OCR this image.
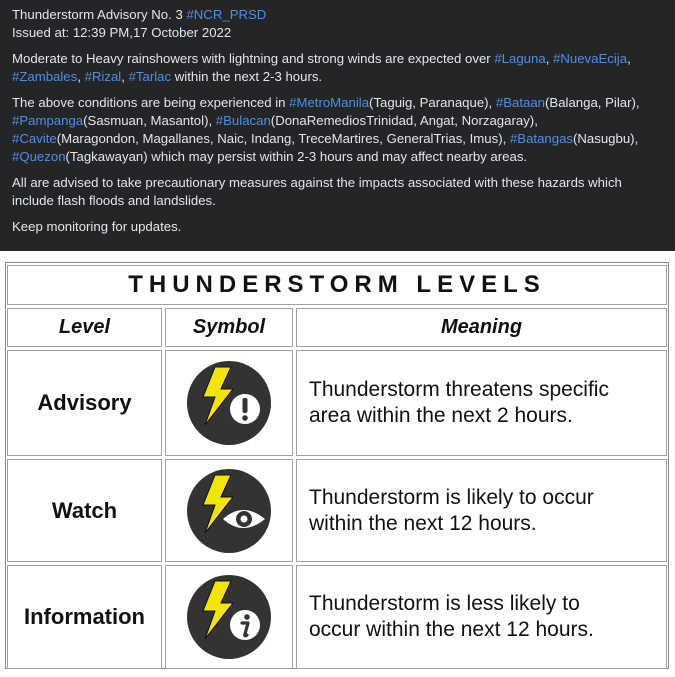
Thunderstorm Advisory No. 3 #NCR_PRSD
Issued at: 12:39 PM,17 October 2022

Moderate to Heavy rainshowers with lightning and strong winds are expected over #Laguna, #NuevaEcija, #Zambales, #Rizal, #Tarlac within the next 2-3 hours.

The above conditions are being experienced in #MetroManila(Taguig, Paranaque), #Bataan(Balanga, Pilar), #Pampanga(Sasmuan, Masantol), #Bulacan(DonaRemediosTrinidad, Angat, Norzagaray), #Cavite(Maragondon, Magallanes, Naic, Indang, TreceMartires, GeneralTrias, Imus), #Batangas(Nasugbu), #Quezon(Tagkawayan) which may persist within 2-3 hours and may affect nearby areas.

All are advised to take precautionary measures against the impacts associated with these hazards which include flash floods and landslides.

Keep monitoring for updates.

THUNDERSTORM LEVELS
Level	Symbol	Meaning
Advisory
Thunderstorm threatens specific area within the next 2 hours.
Watch
Thunderstorm is likely to occur within the next 12 hours.
Information
Thunderstorm is less likely to occur within the next 12 hours.
